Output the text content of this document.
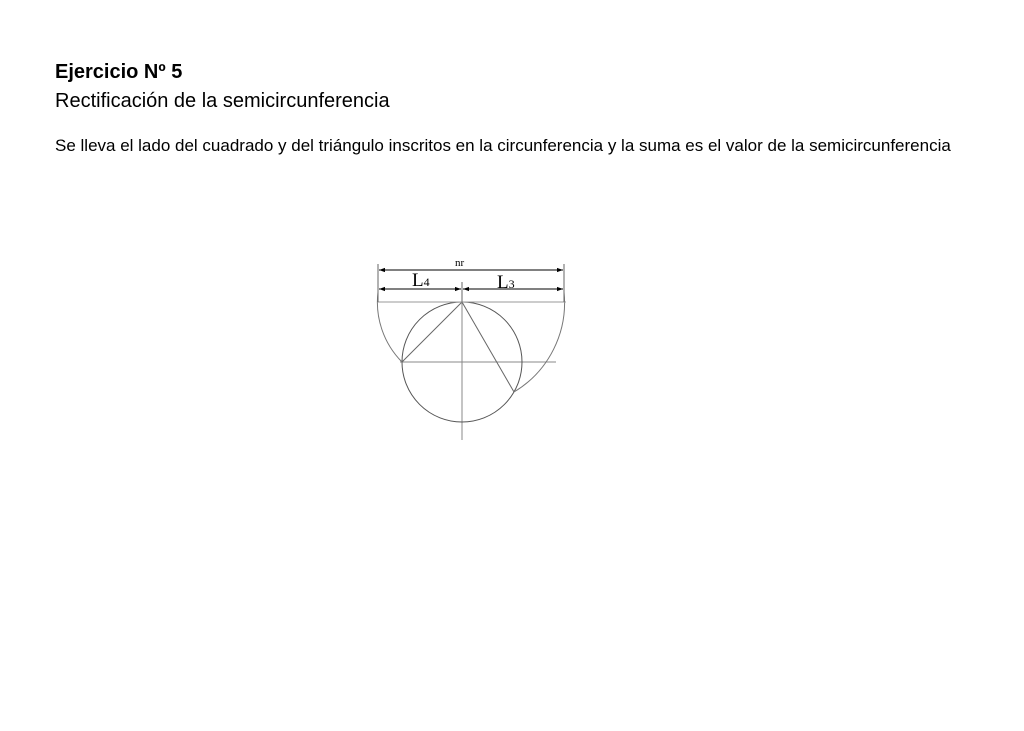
Ejercicio Nº 5

Rectificación de la semicircunferencia

Se lleva el lado del cuadrado y del triángulo inscritos en la circunferencia y la suma es el valor de la semicircunferencia

nr
L4	L3
